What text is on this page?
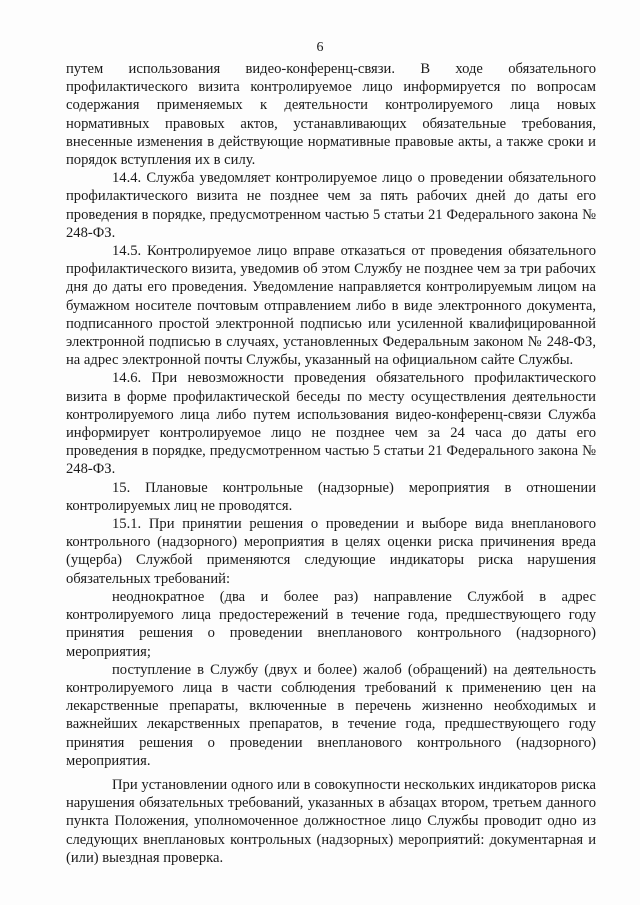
6

путем использования видео-конференц-связи. В ходе обязательного профилактического визита контролируемое лицо информируется по вопросам содержания применяемых к деятельности контролируемого лица новых нормативных правовых актов, устанавливающих обязательные требования, внесенные изменения в действующие нормативные правовые акты, а также сроки и порядок вступления их в силу.

14.4. Служба уведомляет контролируемое лицо о проведении обязательного профилактического визита не позднее чем за пять рабочих дней до даты его проведения в порядке, предусмотренном частью 5 статьи 21 Федерального закона № 248-ФЗ.

14.5. Контролируемое лицо вправе отказаться от проведения обязательного профилактического визита, уведомив об этом Службу не позднее чем за три рабочих дня до даты его проведения. Уведомление направляется контролируемым лицом на бумажном носителе почтовым отправлением либо в виде электронного документа, подписанного простой электронной подписью или усиленной квалифицированной электронной подписью в случаях, установленных Федеральным законом № 248-ФЗ, на адрес электронной почты Службы, указанный на официальном сайте Службы.

14.6. При невозможности проведения обязательного профилактического визита в форме профилактической беседы по месту осуществления деятельности контролируемого лица либо путем использования видео-конференц-связи Служба информирует контролируемое лицо не позднее чем за 24 часа до даты его проведения в порядке, предусмотренном частью 5 статьи 21 Федерального закона № 248-ФЗ.

15. Плановые контрольные (надзорные) мероприятия в отношении контролируемых лиц не проводятся.

15.1. При принятии решения о проведении и выборе вида внепланового контрольного (надзорного) мероприятия в целях оценки риска причинения вреда (ущерба) Службой применяются следующие индикаторы риска нарушения обязательных требований:

неоднократное (два и более раз) направление Службой в адрес контролируемого лица предостережений в течение года, предшествующего году принятия решения о проведении внепланового контрольного (надзорного) мероприятия;

поступление в Службу (двух и более) жалоб (обращений) на деятельность контролируемого лица в части соблюдения требований к применению цен на лекарственные препараты, включенные в перечень жизненно необходимых и важнейших лекарственных препаратов, в течение года, предшествующего году принятия решения о проведении внепланового контрольного (надзорного) мероприятия.

При установлении одного или в совокупности нескольких индикаторов риска нарушения обязательных требований, указанных в абзацах втором, третьем данного пункта Положения, уполномоченное должностное лицо Службы проводит одно из следующих внеплановых контрольных (надзорных) мероприятий: документарная и (или) выездная проверка.
